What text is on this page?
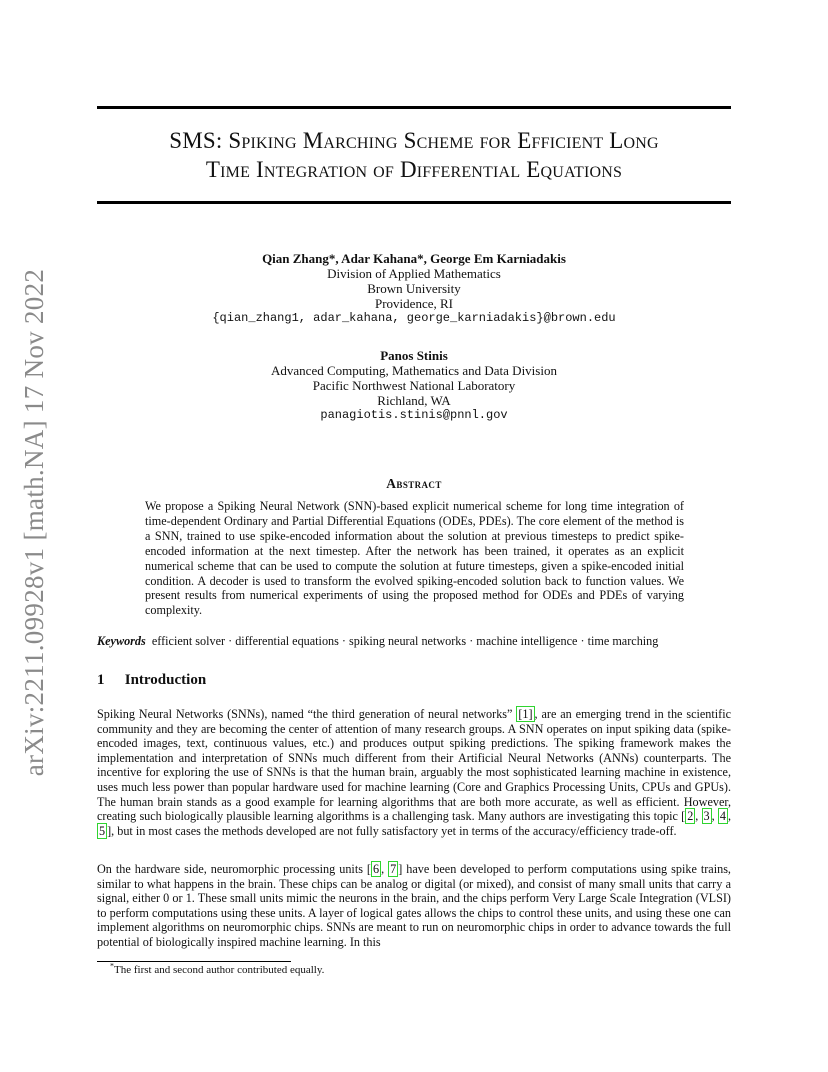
arXiv:2211.09928v1 [math.NA] 17 Nov 2022
SMS: Spiking Marching Scheme for Efficient Long
Time Integration of Differential Equations
Qian Zhang*, Adar Kahana*, George Em Karniadakis
Division of Applied Mathematics
Brown University
Providence, RI
{qian_zhang1, adar_kahana, george_karniadakis}@brown.edu
Panos Stinis
Advanced Computing, Mathematics and Data Division
Pacific Northwest National Laboratory
Richland, WA
panagiotis.stinis@pnnl.gov
Abstract
We propose a Spiking Neural Network (SNN)-based explicit numerical scheme for long time integration of time-dependent Ordinary and Partial Differential Equations (ODEs, PDEs). The core element of the method is a SNN, trained to use spike-encoded information about the solution at previous timesteps to predict spike-encoded information at the next timestep. After the network has been trained, it operates as an explicit numerical scheme that can be used to compute the solution at future timesteps, given a spike-encoded initial condition. A decoder is used to transform the evolved spiking-encoded solution back to function values. We present results from numerical experiments of using the proposed method for ODEs and PDEs of varying complexity.
Keywords efficient solver · differential equations · spiking neural networks · machine intelligence · time marching
1 Introduction
Spiking Neural Networks (SNNs), named “the third generation of neural networks” [1] , are an emerging trend in the scientific community and they are becoming the center of attention of many research groups. A SNN operates on input spiking data (spike-encoded images, text, continuous values, etc.) and produces output spiking predictions. The spiking framework makes the implementation and interpretation of SNNs much different from their Artificial Neural Networks (ANNs) counterparts. The incentive for exploring the use of SNNs is that the human brain, arguably the most sophisticated learning machine in existence, uses much less power than popular hardware used for machine learning (Core and Graphics Processing Units, CPUs and GPUs). The human brain stands as a good example for learning algorithms that are both more accurate, as well as efficient. However, creating such biologically plausible learning algorithms is a challenging task. Many authors are investigating this topic [ 2 , 3 , 4 , 5 ], but in most cases the methods developed are not fully satisfactory yet in terms of the accuracy/efficiency trade-off.
On the hardware side, neuromorphic processing units [ 6 , 7 ] have been developed to perform computations using spike trains, similar to what happens in the brain. These chips can be analog or digital (or mixed), and consist of many small units that carry a signal, either 0 or 1. These small units mimic the neurons in the brain, and the chips perform Very Large Scale Integration (VLSI) to perform computations using these units. A layer of logical gates allows the chips to control these units, and using these one can implement algorithms on neuromorphic chips. SNNs are meant to run on neuromorphic chips in order to advance towards the full potential of biologically inspired machine learning. In this
*The first and second author contributed equally.
